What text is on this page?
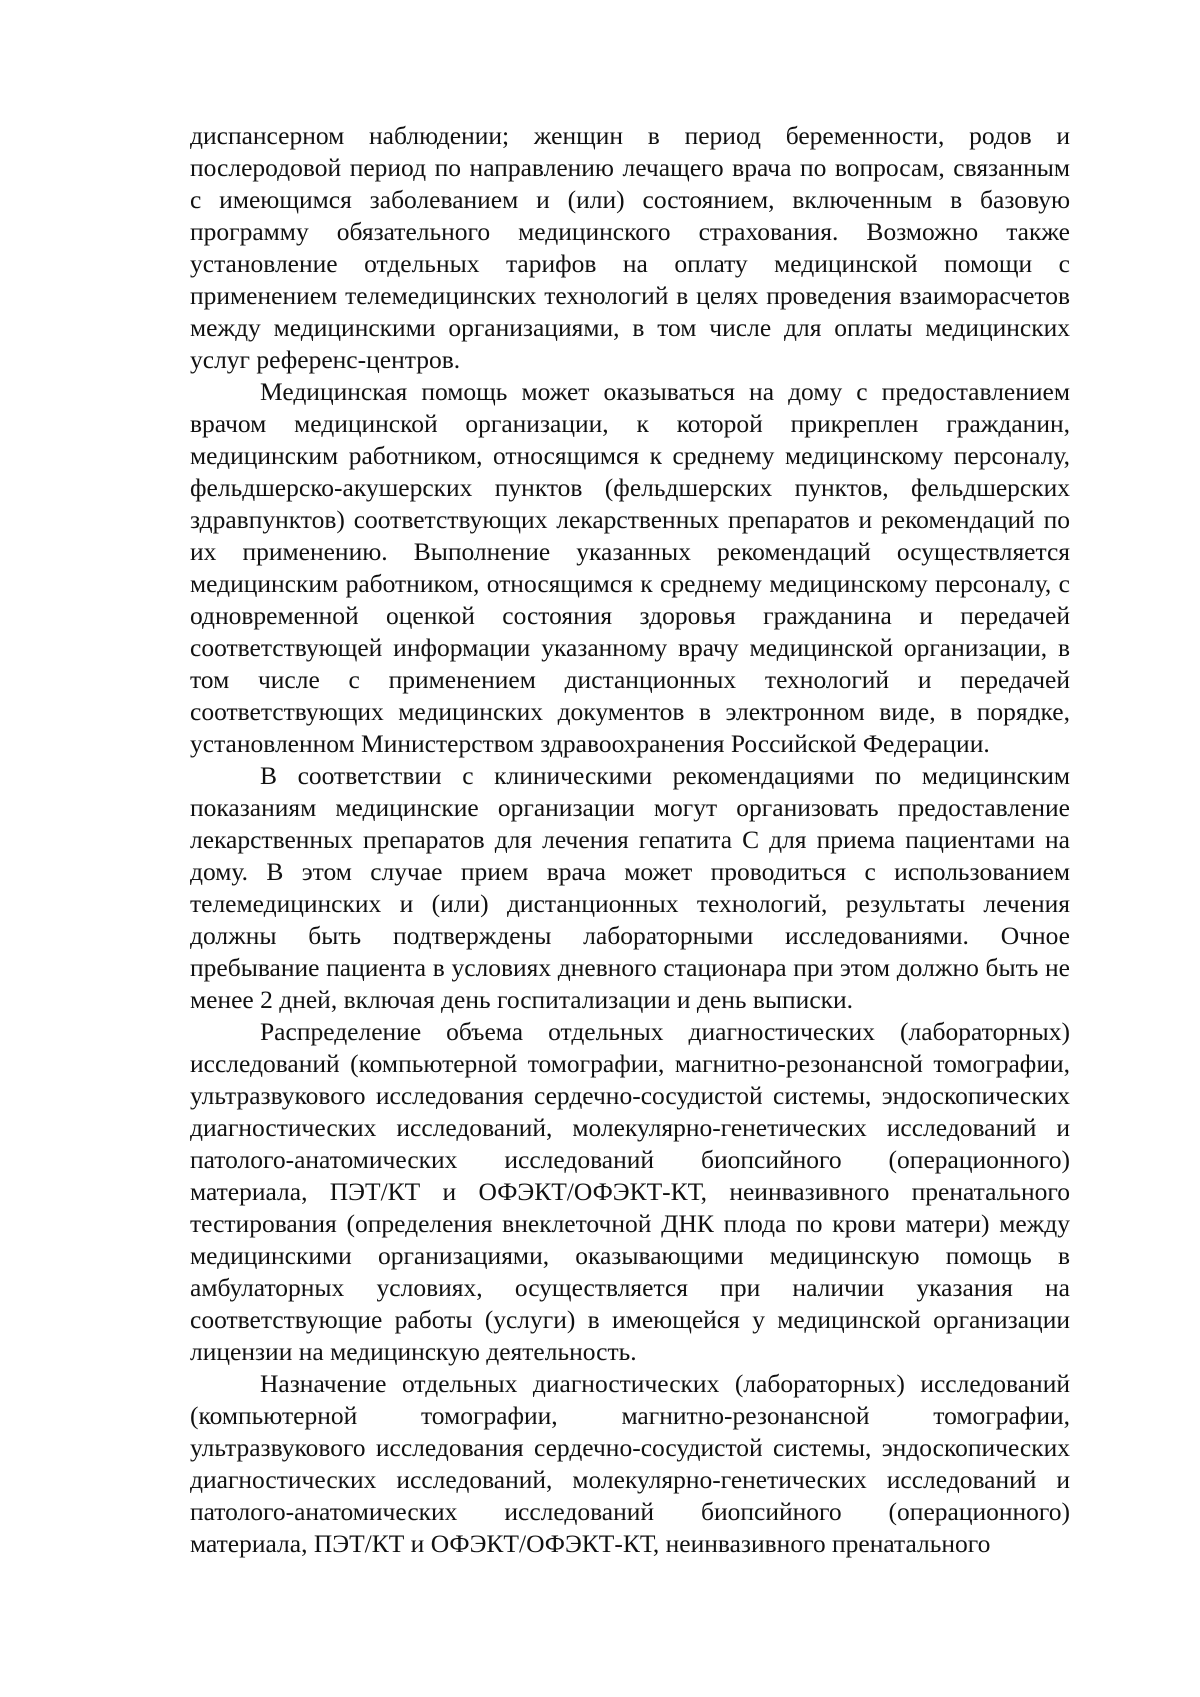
диспансерном наблюдении; женщин в период беременности, родов и послеродовой период по направлению лечащего врача по вопросам, связанным с имеющимся заболеванием и (или) состоянием, включенным в базовую программу обязательного медицинского страхования. Возможно также установление отдельных тарифов на оплату медицинской помощи с применением телемедицинских технологий в целях проведения взаиморасчетов между медицинскими организациями, в том числе для оплаты медицинских услуг референс-центров.

Медицинская помощь может оказываться на дому с предоставлением врачом медицинской организации, к которой прикреплен гражданин, медицинским работником, относящимся к среднему медицинскому персоналу, фельдшерско-акушерских пунктов (фельдшерских пунктов, фельдшерских здравпунктов) соответствующих лекарственных препаратов и рекомендаций по их применению. Выполнение указанных рекомендаций осуществляется медицинским работником, относящимся к среднему медицинскому персоналу, с одновременной оценкой состояния здоровья гражданина и передачей соответствующей информации указанному врачу медицинской организации, в том числе с применением дистанционных технологий и передачей соответствующих медицинских документов в электронном виде, в порядке, установленном Министерством здравоохранения Российской Федерации.

В соответствии с клиническими рекомендациями по медицинским показаниям медицинские организации могут организовать предоставление лекарственных препаратов для лечения гепатита С для приема пациентами на дому. В этом случае прием врача может проводиться с использованием телемедицинских и (или) дистанционных технологий, результаты лечения должны быть подтверждены лабораторными исследованиями. Очное пребывание пациента в условиях дневного стационара при этом должно быть не менее 2 дней, включая день госпитализации и день выписки.

Распределение объема отдельных диагностических (лабораторных) исследований (компьютерной томографии, магнитно-резонансной томографии, ультразвукового исследования сердечно-сосудистой системы, эндоскопических диагностических исследований, молекулярно-генетических исследований и патолого-анатомических исследований биопсийного (операционного) материала, ПЭТ/КТ и ОФЭКТ/ОФЭКТ-КТ, неинвазивного пренатального тестирования (определения внеклеточной ДНК плода по крови матери) между медицинскими организациями, оказывающими медицинскую помощь в амбулаторных условиях, осуществляется при наличии указания на соответствующие работы (услуги) в имеющейся у медицинской организации лицензии на медицинскую деятельность.

Назначение отдельных диагностических (лабораторных) исследований (компьютерной томографии, магнитно-резонансной томографии, ультразвукового исследования сердечно-сосудистой системы, эндоскопических диагностических исследований, молекулярно-генетических исследований и патолого-анатомических исследований биопсийного (операционного) материала, ПЭТ/КТ и ОФЭКТ/ОФЭКТ-КТ, неинвазивного пренатального
